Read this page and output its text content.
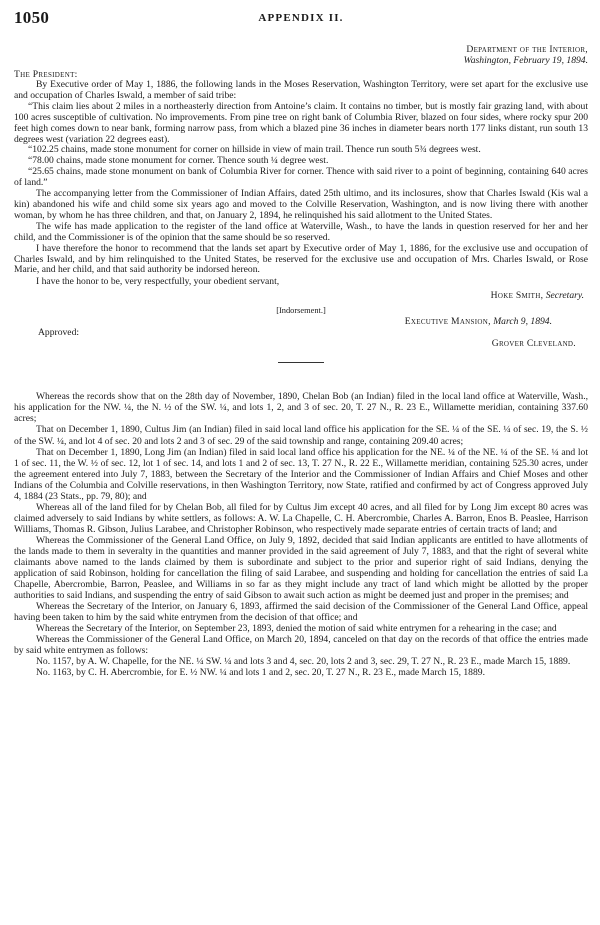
1050	APPENDIX II.
Department of the Interior,
Washington, February 19, 1894.
The President:

By Executive order of May 1, 1886, the following lands in the Moses Reservation, Washington Territory, were set apart for the exclusive use and occupation of Charles Iswald, a member of said tribe:

“This claim lies about 2 miles in a northeasterly direction from Antoine’s claim. It contains no timber, but is mostly fair grazing land, with about 100 acres susceptible of cultivation. No improvements. From pine tree on right bank of Columbia River, blazed on four sides, where rocky spur 200 feet high comes down to near bank, forming narrow pass, from which a blazed pine 36 inches in diameter bears north 177 links distant, run south 13 degrees west (variation 22 degrees east).

“102.25 chains, made stone monument for corner on hillside in view of main trail. Thence run south 5¾ degrees west.

“78.00 chains, made stone monument for corner. Thence south ¼ degree west.

“25.65 chains, made stone monument on bank of Columbia River for corner. Thence with said river to a point of beginning, containing 640 acres of land.”

The accompanying letter from the Commissioner of Indian Affairs, dated 25th ultimo, and its inclosures, show that Charles Iswald (Kis wal a kin) abandoned his wife and child some six years ago and moved to the Colville Reservation, Washington, and is now living there with another woman, by whom he has three children, and that, on January 2, 1894, he relinquished his said allotment to the United States.

The wife has made application to the register of the land office at Waterville, Wash., to have the lands in question reserved for her and her child, and the Commissioner is of the opinion that the same should be so reserved.

I have therefore the honor to recommend that the lands set apart by Executive order of May 1, 1886, for the exclusive use and occupation of Charles Iswald, and by him relinquished to the United States, be reserved for the exclusive use and occupation of Mrs. Charles Iswald, or Rose Marie, and her child, and that said authority be indorsed hereon.

I have the honor to be, very respectfully, your obedient servant,
Hoke Smith, Secretary.
[Indorsement.]
Executive Mansion, March 9, 1894.
Approved:
Grover Cleveland.

Whereas the records show that on the 28th day of November, 1890, Chelan Bob (an Indian) filed in the local land office at Waterville, Wash., his application for the NW. ¼, the N. ½ of the SW. ¼, and lots 1, 2, and 3 of sec. 20, T. 27 N., R. 23 E., Willamette meridian, containing 337.60 acres;

That on December 1, 1890, Cultus Jim (an Indian) filed in said local land office his application for the SE. ¼ of the SE. ¼ of sec. 19, the S. ½ of the SW. ¼, and lot 4 of sec. 20 and lots 2 and 3 of sec. 29 of the said township and range, containing 209.40 acres;

That on December 1, 1890, Long Jim (an Indian) filed in said local land office his application for the NE. ¼ of the NE. ¼ of the SE. ¼ and lot 1 of sec. 11, the W. ½ of sec. 12, lot 1 of sec. 14, and lots 1 and 2 of sec. 13, T. 27 N., R. 22 E., Willamette meridian, containing 525.30 acres, under the agreement entered into July 7, 1883, between the Secretary of the Interior and the Commissioner of Indian Affairs and Chief Moses and other Indians of the Columbia and Colville reservations, in then Washington Territory, now State, ratified and confirmed by act of Congress approved July 4, 1884 (23 Stats., pp. 79, 80); and

Whereas all of the land filed for by Chelan Bob, all filed for by Cultus Jim except 40 acres, and all filed for by Long Jim except 80 acres was claimed adversely to said Indians by white settlers, as follows: A. W. La Chapelle, C. H. Abercrombie, Charles A. Barron, Enos B. Peaslee, Harrison Williams, Thomas R. Gibson, Julius Larabee, and Christopher Robinson, who respectively made separate entries of certain tracts of land; and

Whereas the Commissioner of the General Land Office, on July 9, 1892, decided that said Indian applicants are entitled to have allotments of the lands made to them in severalty in the quantities and manner provided in the said agreement of July 7, 1883, and that the right of several white claimants above named to the lands claimed by them is subordinate and subject to the prior and superior right of said Indians, denying the application of said Robinson, holding for cancellation the filing of said Larabee, and suspending and holding for cancellation the entries of said La Chapelle, Abercrombie, Barron, Peaslee, and Williams in so far as they might include any tract of land which might be allotted by the proper authorities to said Indians, and suspending the entry of said Gibson to await such action as might be deemed just and proper in the premises; and

Whereas the Secretary of the Interior, on January 6, 1893, affirmed the said decision of the Commissioner of the General Land Office, appeal having been taken to him by the said white entrymen from the decision of that office; and

Whereas the Secretary of the Interior, on September 23, 1893, denied the motion of said white entrymen for a rehearing in the case; and

Whereas the Commissioner of the General Land Office, on March 20, 1894, canceled on that day on the records of that office the entries made by said white entrymen as follows:

No. 1157, by A. W. Chapelle, for the NE. ¼ SW. ¼ and lots 3 and 4, sec. 20, lots 2 and 3, sec. 29, T. 27 N., R. 23 E., made March 15, 1889.

No. 1163, by C. H. Abercrombie, for E. ½ NW. ¼ and lots 1 and 2, sec. 20, T. 27 N., R. 23 E., made March 15, 1889.
